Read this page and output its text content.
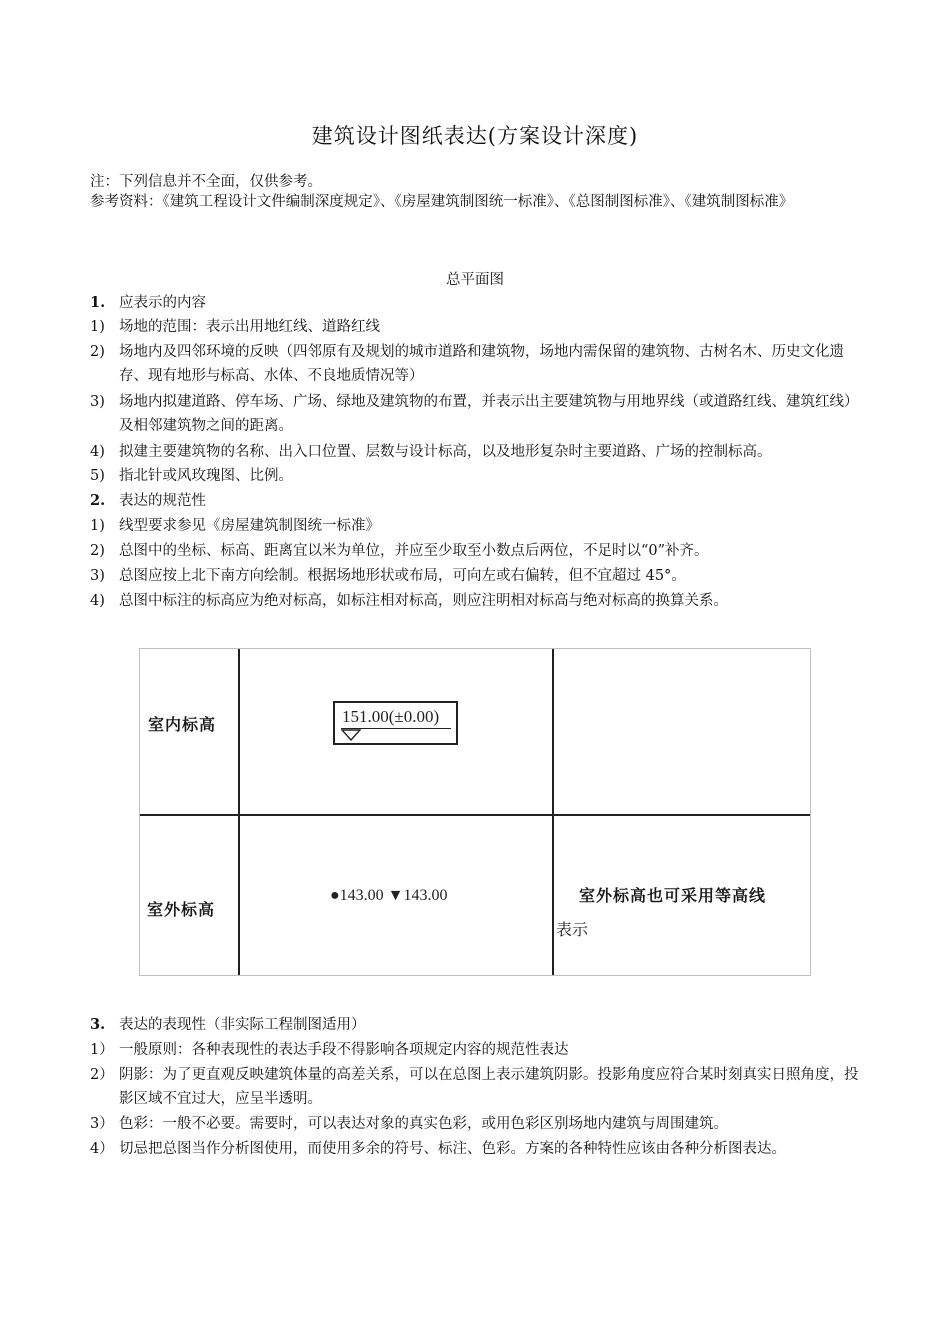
建筑设计图纸表达(方案设计深度)
注：下列信息并不全面，仅供参考。
参考资料：《建筑工程设计文件编制深度规定》、《房屋建筑制图统一标准》、《总图制图标准》、《建筑制图标准》
总平面图
1. 应表示的内容
1) 场地的范围：表示出用地红线、道路红线
2) 场地内及四邻环境的反映（四邻原有及规划的城市道路和建筑物，场地内需保留的建筑物、古树名木、历史文化遗存、现有地形与标高、水体、不良地质情况等）
3) 场地内拟建道路、停车场、广场、绿地及建筑物的布置，并表示出主要建筑物与用地界线（或道路红线、建筑红线）及相邻建筑物之间的距离。
4) 拟建主要建筑物的名称、出入口位置、层数与设计标高，以及地形复杂时主要道路、广场的控制标高。
5) 指北针或风玫瑰图、比例。
2. 表达的规范性
1) 线型要求参见《房屋建筑制图统一标准》
2) 总图中的坐标、标高、距离宜以米为单位，并应至少取至小数点后两位，不足时以“0”补齐。
3) 总图应按上北下南方向绘制。根据场地形状或布局，可向左或右偏转，但不宜超过 45°。
4) 总图中标注的标高应为绝对标高，如标注相对标高，则应注明相对标高与绝对标高的换算关系。
室内标高	151.00(±0.00)
室外标高
●143.00 ▼143.00	室外标高也可采用等高线
表示
3. 表达的表现性（非实际工程制图适用）
1） 一般原则：各种表现性的表达手段不得影响各项规定内容的规范性表达
2） 阴影：为了更直观反映建筑体量的高差关系，可以在总图上表示建筑阴影。投影角度应符合某时刻真实日照角度，投影区域不宜过大，应呈半透明。
3） 色彩：一般不必要。需要时，可以表达对象的真实色彩，或用色彩区别场地内建筑与周围建筑。
4） 切忌把总图当作分析图使用，而使用多余的符号、标注、色彩。方案的各种特性应该由各种分析图表达。
